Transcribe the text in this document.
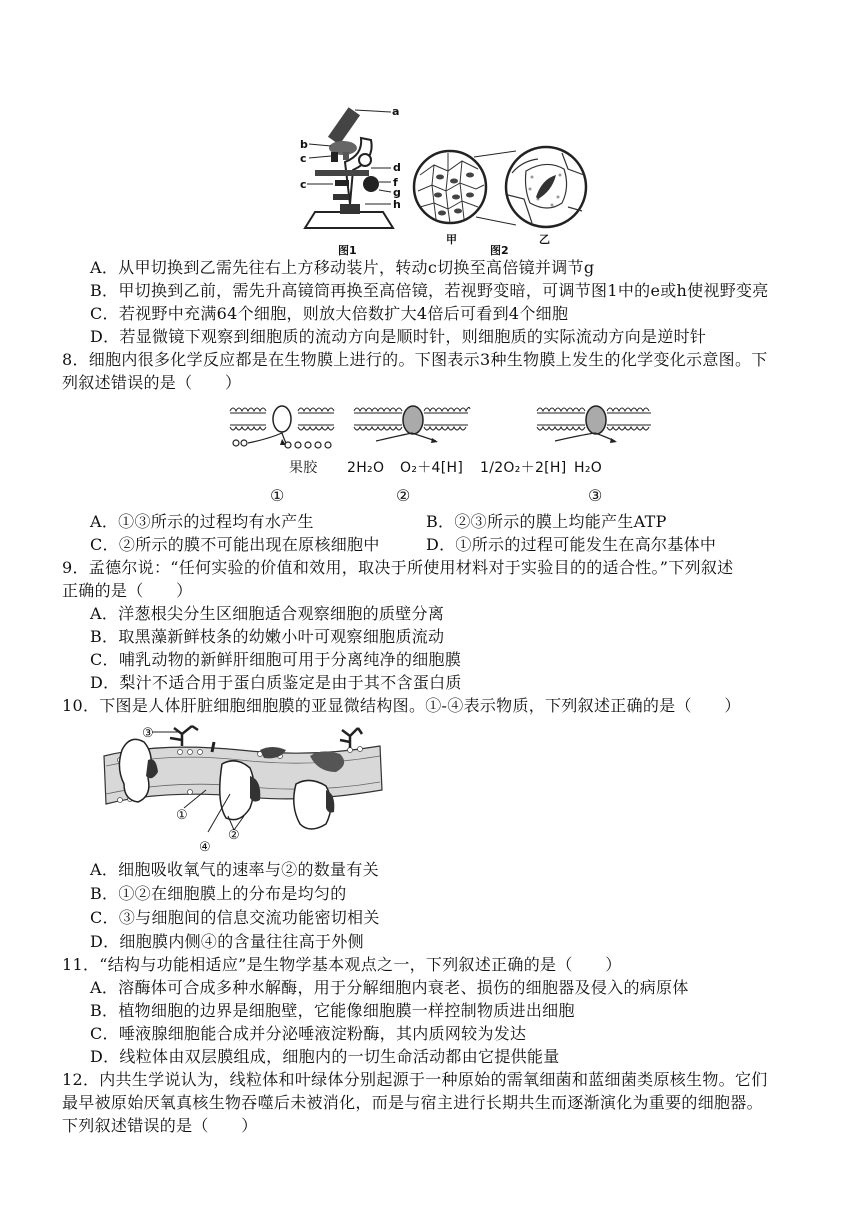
a
b
c
c
d
f
g
h
图1
甲
图2
乙
A．从甲切换到乙需先往右上方移动装片，转动c切换至高倍镜并调节g
B．甲切换到乙前，需先升高镜筒再换至高倍镜，若视野变暗，可调节图1中的e或h使视野变亮
C．若视野中充满64个细胞，则放大倍数扩大4倍后可看到4个细胞
D．若显微镜下观察到细胞质的流动方向是顺时针，则细胞质的实际流动方向是逆时针
8．细胞内很多化学反应都是在生物膜上进行的。下图表示3种生物膜上发生的化学变化示意图。下
列叙述错误的是（　　）
果胶 2H₂O O₂＋4[H] 1/2O₂＋2[H] H₂O
①	②	③
A．①③所示的过程均有水产生	B．②③所示的膜上均能产生ATP
C．②所示的膜不可能出现在原核细胞中	D．①所示的过程可能发生在高尔基体中
9．孟德尔说：“任何实验的价值和效用，取决于所使用材料对于实验目的的适合性。”下列叙述
正确的是（　　）
A．洋葱根尖分生区细胞适合观察细胞的质壁分离
B．取黑藻新鲜枝条的幼嫩小叶可观察细胞质流动
C．哺乳动物的新鲜肝细胞可用于分离纯净的细胞膜
D．梨汁不适合用于蛋白质鉴定是由于其不含蛋白质
10．下图是人体肝脏细胞细胞膜的亚显微结构图。①-④表示物质，下列叙述正确的是（　　）
③
①
②
④
A．细胞吸收氧气的速率与②的数量有关
B．①②在细胞膜上的分布是均匀的
C．③与细胞间的信息交流功能密切相关
D．细胞膜内侧④的含量往往高于外侧
11．“结构与功能相适应”是生物学基本观点之一，下列叙述正确的是（　　）
A．溶酶体可合成多种水解酶，用于分解细胞内衰老、损伤的细胞器及侵入的病原体
B．植物细胞的边界是细胞壁，它能像细胞膜一样控制物质进出细胞
C．唾液腺细胞能合成并分泌唾液淀粉酶，其内质网较为发达
D．线粒体由双层膜组成，细胞内的一切生命活动都由它提供能量
12．内共生学说认为，线粒体和叶绿体分别起源于一种原始的需氧细菌和蓝细菌类原核生物。它们
最早被原始厌氧真核生物吞噬后未被消化，而是与宿主进行长期共生而逐渐演化为重要的细胞器。
下列叙述错误的是（　　）
